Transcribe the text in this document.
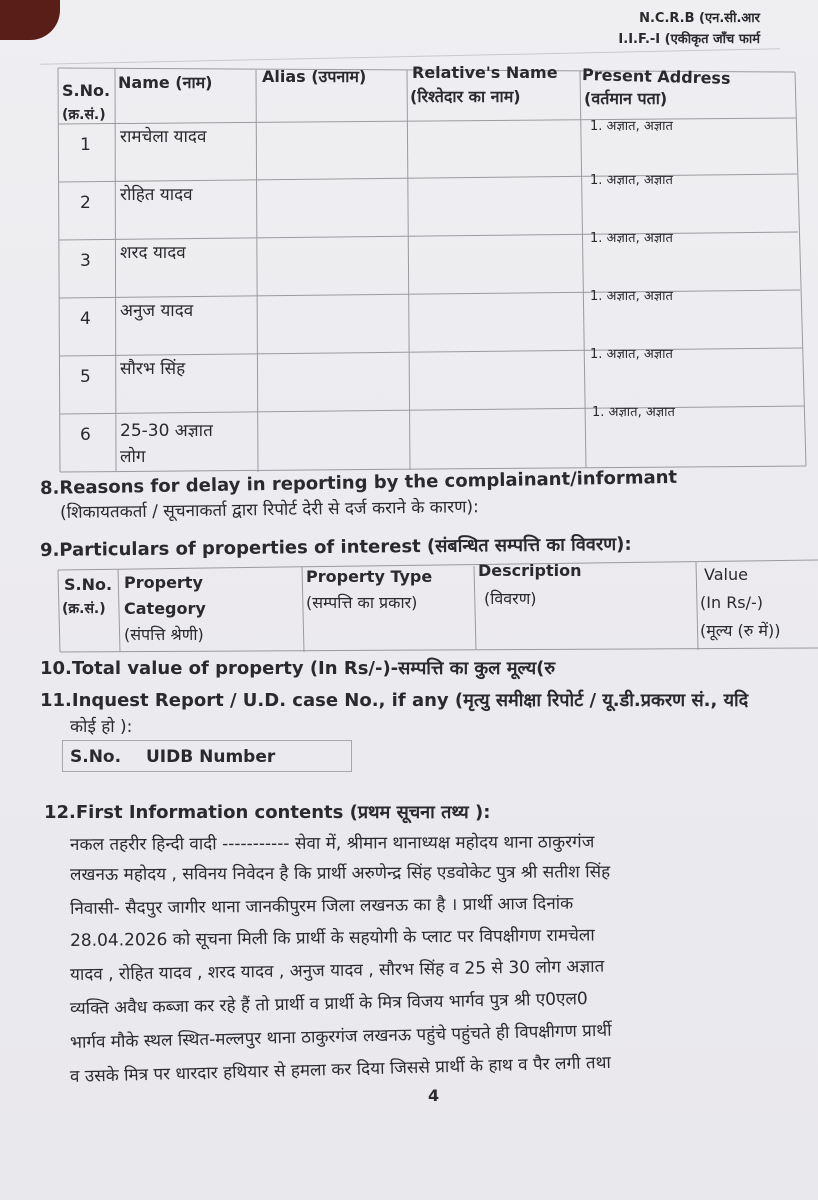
N.C.R.B (एन.सी.आर
I.I.F.-I (एकीकृत जाँच फार्म
S.No.
(क्र.सं.)
Name (नाम)	Alias (उपनाम)	Relative's Name
(रिश्तेदार का नाम)
Present Address
(वर्तमान पता)
1 रामचेला यादव
1. अज्ञात, अज्ञात
2 रोहित यादव
1. अज्ञात, अज्ञात
3 शरद यादव
1. अज्ञात, अज्ञात
4 अनुज यादव
1. अज्ञात, अज्ञात
5 सौरभ सिंह
1. अज्ञात, अज्ञात
6 25-30 अज्ञात
लोग
1. अज्ञात, अज्ञात
8.Reasons for delay in reporting by the complainant/informant
(शिकायतकर्ता / सूचनाकर्ता द्वारा रिपोर्ट देरी से दर्ज कराने के कारण):
9.Particulars of properties of interest (संबन्धित सम्पत्ति का विवरण):
S.No.
(क्र.सं.)
Property
Category
(संपत्ति श्रेणी)
Property Type
(सम्पत्ति का प्रकार)
Description
(विवरण)
Value
(In Rs/-)
(मूल्य (रु में))
10.Total value of property (In Rs/-)-सम्पत्ति का कुल मूल्य(रु
11.Inquest Report / U.D. case No., if any (मृत्यु समीक्षा रिपोर्ट / यू.डी.प्रकरण सं., यदि
कोई हो ):
S.No. UIDB Number
12.First Information contents (प्रथम सूचना तथ्य ):
नकल तहरीर हिन्दी वादी ----------- सेवा में, श्रीमान थानाध्यक्ष महोदय थाना ठाकुरगंज
लखनऊ महोदय , सविनय निवेदन है कि प्रार्थी अरुणेन्द्र सिंह एडवोकेट पुत्र श्री सतीश सिंह
निवासी- सैदपुर जागीर थाना जानकीपुरम जिला लखनऊ का है । प्रार्थी आज दिनांक
28.04.2026 को सूचना मिली कि प्रार्थी के सहयोगी के प्लाट पर विपक्षीगण रामचेला
यादव , रोहित यादव , शरद यादव , अनुज यादव , सौरभ सिंह व 25 से 30 लोग अज्ञात
व्यक्ति अवैध कब्जा कर रहे हैं तो प्रार्थी व प्रार्थी के मित्र विजय भार्गव पुत्र श्री ए0एल0
भार्गव मौके स्थल स्थित-मल्लपुर थाना ठाकुरगंज लखनऊ पहुंचे पहुंचते ही विपक्षीगण प्रार्थी
व उसके मित्र पर धारदार हथियार से हमला कर दिया जिससे प्रार्थी के हाथ व पैर लगी तथा
4
